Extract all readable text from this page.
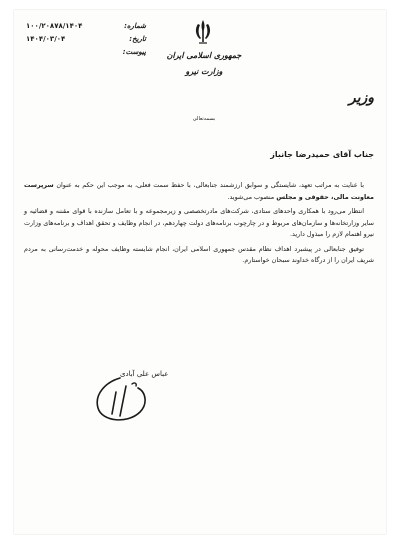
شماره:
۱۰۰/۲۰۸۷۸/۱۴۰۴
تاریخ:
۱۴۰۴/۰۳/۰۴
پیوست:	جمهوری اسلامی ایران
وزارت نیرو
وزیر
بسمه‌تعالی
جناب آقای حمیدرضا جانباز

با عنایت به مراتب تعهد، شایستگی و سوابق ارزشمند جنابعالی، با حفظ سمت فعلی، به موجب این حکم به عنوان سرپرست معاونت مالی، حقوقی و مجلس منصوب می‌شوید.

انتظار می‌رود با همکاری واحدهای ستادی، شرکت‌های مادرتخصصی و زیرمجموعه و با تعامل سازنده با قوای مقننه و قضائیه و سایر وزارتخانه‌ها و سازمان‌های مربوط و در چارچوب برنامه‌های دولت چهاردهم، در انجام وظایف و تحقق اهداف و برنامه‌های وزارت نیرو اهتمام لازم را مبذول دارید.

توفیق جنابعالی در پیشبرد اهداف نظام مقدس جمهوری اسلامی ایران، انجام شایسته وظایف محوله و خدمت‌رسانی به مردم شریف ایران را از درگاه خداوند سبحان خواستارم.

عباس علی آبادی
